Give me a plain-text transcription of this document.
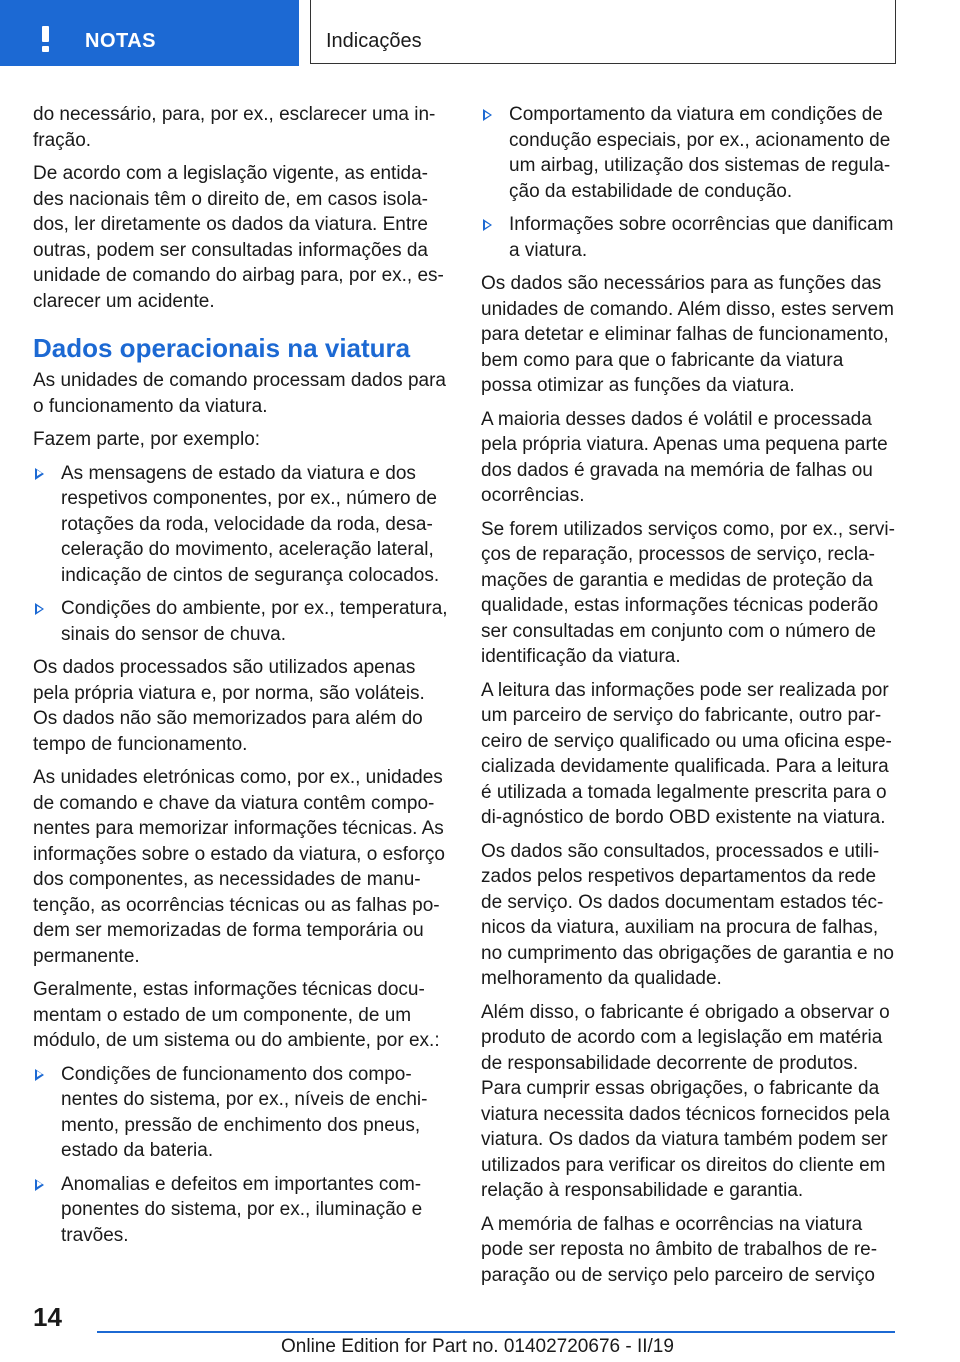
NOTAS	Indicações

do necessário, para, por ex., esclarecer uma in-fração.

De acordo com a legislação vigente, as entida-des nacionais têm o direito de, em casos isola-dos, ler diretamente os dados da viatura. Entre outras, podem ser consultadas informações da unidade de comando do airbag para, por ex., es-clarecer um acidente.

Dados operacionais na viatura

As unidades de comando processam dados para o funcionamento da viatura.

Fazem parte, por exemplo:

As mensagens de estado da viatura e dos respetivos componentes, por ex., número de rotações da roda, velocidade da roda, desa-celeração do movimento, aceleração lateral, indicação de cintos de segurança colocados.
Condições do ambiente, por ex., temperatura, sinais do sensor de chuva.

Os dados processados são utilizados apenas pela própria viatura e, por norma, são voláteis. Os dados não são memorizados para além do tempo de funcionamento.

As unidades eletrónicas como, por ex., unidades de comando e chave da viatura contêm compo-nentes para memorizar informações técnicas. As informações sobre o estado da viatura, o esforço dos componentes, as necessidades de manu-tenção, as ocorrências técnicas ou as falhas po-dem ser memorizadas de forma temporária ou permanente.

Geralmente, estas informações técnicas docu-mentam o estado de um componente, de um módulo, de um sistema ou do ambiente, por ex.:

Condições de funcionamento dos compo-nentes do sistema, por ex., níveis de enchi-mento, pressão de enchimento dos pneus, estado da bateria.
Anomalias e defeitos em importantes com-ponentes do sistema, por ex., iluminação e travões.
Comportamento da viatura em condições de condução especiais, por ex., acionamento de um airbag, utilização dos sistemas de regula-ção da estabilidade de condução.
Informações sobre ocorrências que danificam a viatura.

Os dados são necessários para as funções das unidades de comando. Além disso, estes servem para detetar e eliminar falhas de funcionamento, bem como para que o fabricante da viatura possa otimizar as funções da viatura.

A maioria desses dados é volátil e processada pela própria viatura. Apenas uma pequena parte dos dados é gravada na memória de falhas ou ocorrências.

Se forem utilizados serviços como, por ex., servi-ços de reparação, processos de serviço, recla-mações de garantia e medidas de proteção da qualidade, estas informações técnicas poderão ser consultadas em conjunto com o número de identificação da viatura.

A leitura das informações pode ser realizada por um parceiro de serviço do fabricante, outro par-ceiro de serviço qualificado ou uma oficina espe-cializada devidamente qualificada. Para a leitura é utilizada a tomada legalmente prescrita para o di-agnóstico de bordo OBD existente na viatura.

Os dados são consultados, processados e utili-zados pelos respetivos departamentos da rede de serviço. Os dados documentam estados téc-nicos da viatura, auxiliam na procura de falhas, no cumprimento das obrigações de garantia e no melhoramento da qualidade.

Além disso, o fabricante é obrigado a observar o produto de acordo com a legislação em matéria de responsabilidade decorrente de produtos. Para cumprir essas obrigações, o fabricante da viatura necessita dados técnicos fornecidos pela viatura. Os dados da viatura também podem ser utilizados para verificar os direitos do cliente em relação à responsabilidade e garantia.

A memória de falhas e ocorrências na viatura pode ser reposta no âmbito de trabalhos de re-paração ou de serviço pelo parceiro de serviço

14
Online Edition for Part no. 01402720676 - II/19
